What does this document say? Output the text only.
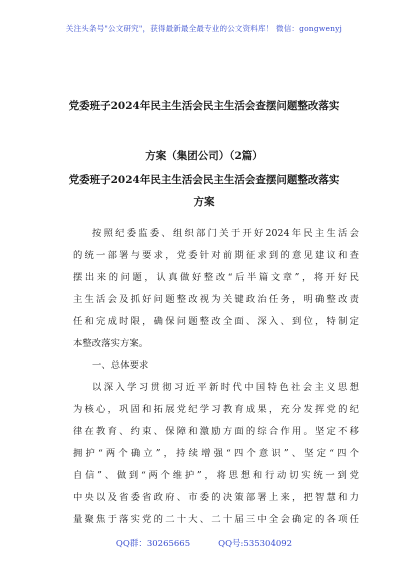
关注头条号"公文研究"，获得最新最全最专业的公文资料库！ 微信：gongwenyj
党委班子2024年民主生活会民主生活会查摆问题整改落实
方案（集团公司）（2篇）
党委班子2024年民主生活会民主生活会查摆问题整改落实
方案
按照纪委监委、组织部门关于开好2024年民主生活会
的统一部署与要求，党委针对前期征求到的意见建议和查
摆出来的问题，认真做好整改“后半篇文章”，将开好民
主生活会及抓好问题整改视为关键政治任务，明确整改责
任和完成时限，确保问题整改全面、深入、到位，特制定
本整改落实方案。
一、总体要求
以深入学习贯彻习近平新时代中国特色社会主义思想
为核心，巩固和拓展党纪学习教育成果，充分发挥党的纪
律在教育、约束、保障和激励方面的综合作用。坚定不移
拥护“两个确立”，持续增强“四个意识”、坚定“四个
自信”、做到“两个维护”，将思想和行动切实统一到党
中央以及省委省政府、市委的决策部署上来，把智慧和力
量聚焦于落实党的二十大、二十届三中全会确定的各项任
QQ群：30265665	QQ号:535304092
